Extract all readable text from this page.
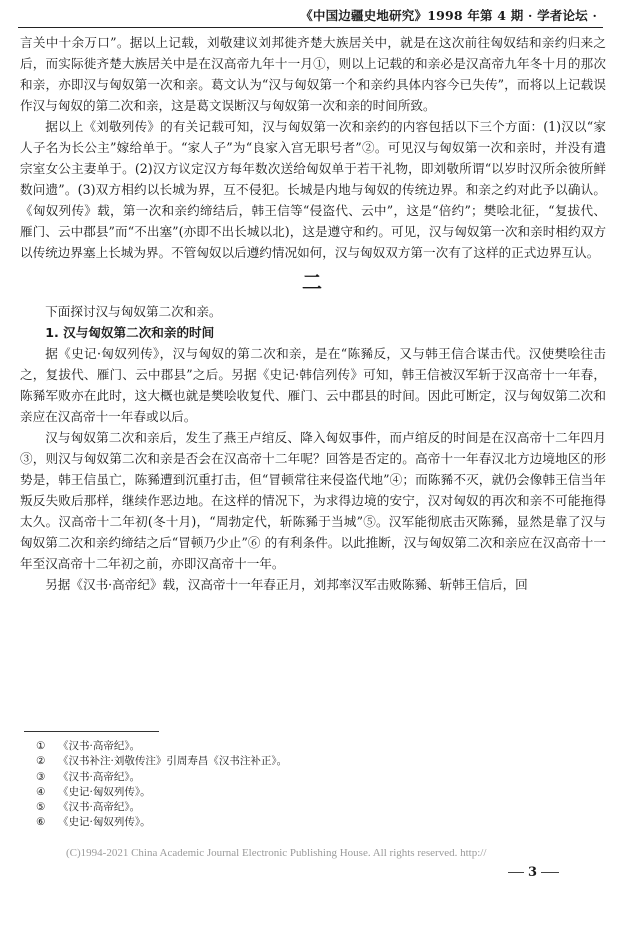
《中国边疆史地研究》1998 年第 4 期 · 学者论坛 ·

言关中十余万口”。据以上记载，刘敬建议刘邦徙齐楚大族居关中，就是在这次前往匈奴结和亲约归来之后，而实际徙齐楚大族居关中是在汉高帝九年十一月①，则以上记载的和亲必是汉高帝九年冬十月的那次和亲，亦即汉与匈奴第一次和亲。葛文认为“汉与匈奴第一个和亲约具体内容今已失传”，而将以上记载误作汉与匈奴的第二次和亲，这是葛文误断汉与匈奴第一次和亲的时间所致。

据以上《刘敬列传》的有关记载可知，汉与匈奴第一次和亲约的内容包括以下三个方面：(1)汉以“家人子名为长公主”嫁给单于。“家人子”为“良家入宫无职号者”②。可见汉与匈奴第一次和亲时，并没有遣宗室女公主妻单于。(2)汉方议定汉方每年数次送给匈奴单于若干礼物，即刘敬所谓“以岁时汉所余彼所鲜数问遗”。(3)双方相约以长城为界，互不侵犯。长城是内地与匈奴的传统边界。和亲之约对此予以确认。《匈奴列传》载，第一次和亲约缔结后，韩王信等“侵盗代、云中”，这是“倍约”；樊哙北征，“复拔代、雁门、云中郡县”而“不出塞”(亦即不出长城以北)，这是遵守和约。可见，汉与匈奴第一次和亲时相约双方以传统边界塞上长城为界。不管匈奴以后遵约情况如何，汉与匈奴双方第一次有了这样的正式边界互认。

二

下面探讨汉与匈奴第二次和亲。

1. 汉与匈奴第二次和亲的时间

据《史记·匈奴列传》，汉与匈奴的第二次和亲，是在“陈豨反，又与韩王信合谋击代。汉使樊哙往击之，复拔代、雁门、云中郡县”之后。另据《史记·韩信列传》可知，韩王信被汉军斩于汉高帝十一年春，陈豨军败亦在此时，这大概也就是樊哙收复代、雁门、云中郡县的时间。因此可断定，汉与匈奴第二次和亲应在汉高帝十一年春或以后。

汉与匈奴第二次和亲后，发生了燕王卢绾反、降入匈奴事件，而卢绾反的时间是在汉高帝十二年四月③，则汉与匈奴第二次和亲是否会在汉高帝十二年呢？回答是否定的。高帝十一年春汉北方边境地区的形势是，韩王信虽亡，陈豨遭到沉重打击，但“冒顿常往来侵盗代地”④；而陈豨不灭，就仍会像韩王信当年叛反失败后那样，继续作恶边地。在这样的情况下，为求得边境的安宁，汉对匈奴的再次和亲不可能拖得太久。汉高帝十二年初(冬十月)，“周勃定代，斩陈豨于当城”⑤。汉军能彻底击灭陈豨，显然是靠了汉与匈奴第二次和亲约缔结之后“冒顿乃少止”⑥ 的有利条件。以此推断，汉与匈奴第二次和亲应在汉高帝十一年至汉高帝十二年初之前，亦即汉高帝十一年。

另据《汉书·高帝纪》载，汉高帝十一年春正月，刘邦率汉军击败陈豨、斩韩王信后，回

① 《汉书·高帝纪》。
② 《汉书补注·刘敬传注》引周寿昌《汉书注补正》。
③ 《汉书·高帝纪》。
④ 《史记·匈奴列传》。
⑤ 《汉书·高帝纪》。
⑥ 《史记·匈奴列传》。
(C)1994-2021 China Academic Journal Electronic Publishing House. All rights reserved. http://
3
